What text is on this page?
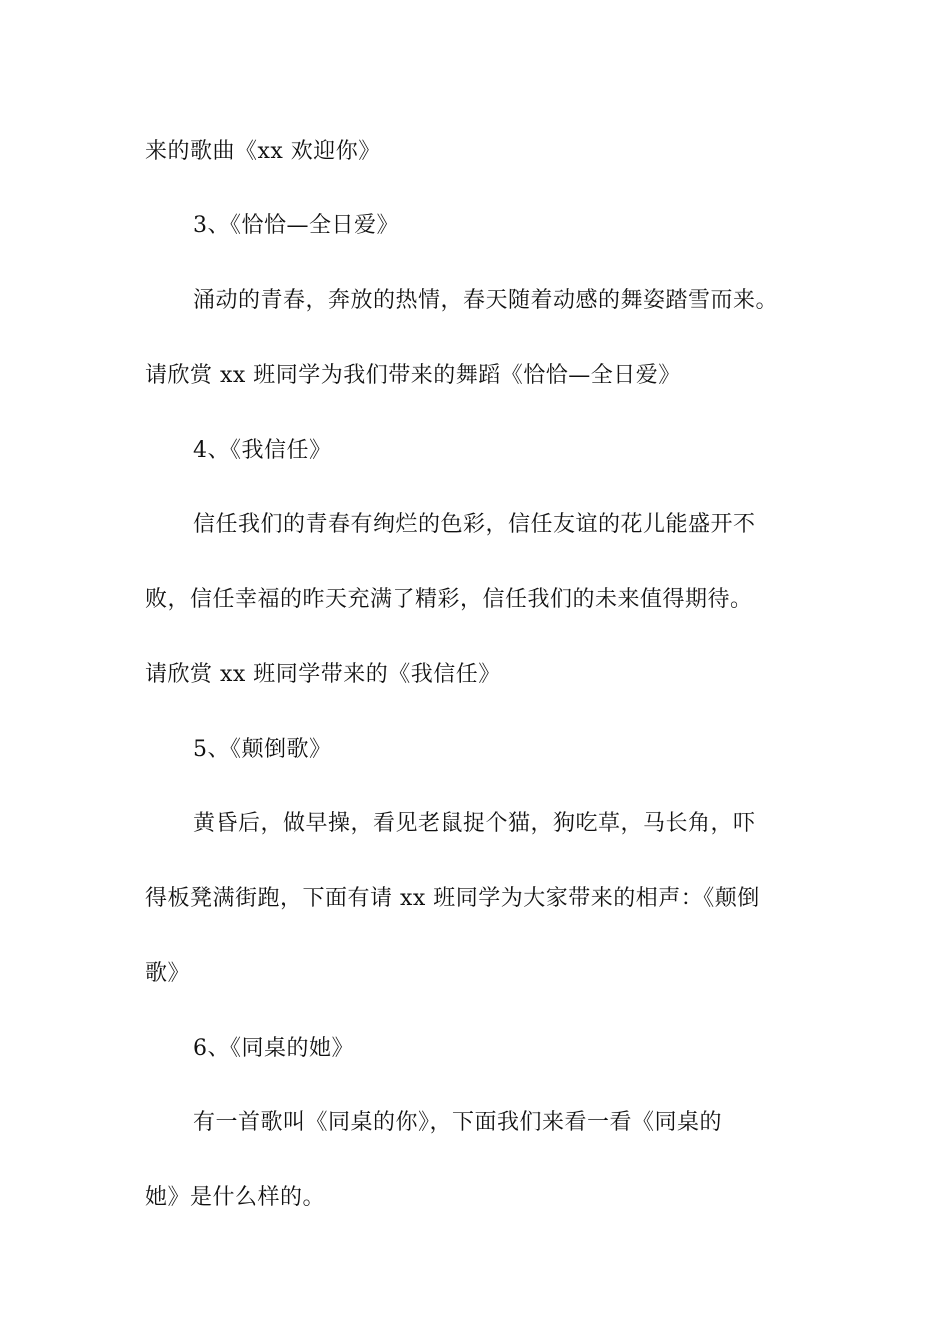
来的歌曲《xx 欢迎你》
3、《恰恰—全日爱》
涌动的青春，奔放的热情，春天随着动感的舞姿踏雪而来。
请欣赏 xx 班同学为我们带来的舞蹈《恰恰—全日爱》
4、《我信任》
信任我们的青春有绚烂的色彩，信任友谊的花儿能盛开不
败，信任幸福的昨天充满了精彩，信任我们的未来值得期待。
请欣赏 xx 班同学带来的《我信任》
5、《颠倒歌》
黄昏后，做早操，看见老鼠捉个猫，狗吃草，马长角，吓
得板凳满街跑，下面有请 xx 班同学为大家带来的相声：《颠倒
歌》
6、《同桌的她》
有一首歌叫《同桌的你》，下面我们来看一看《同桌的
她》是什么样的。
